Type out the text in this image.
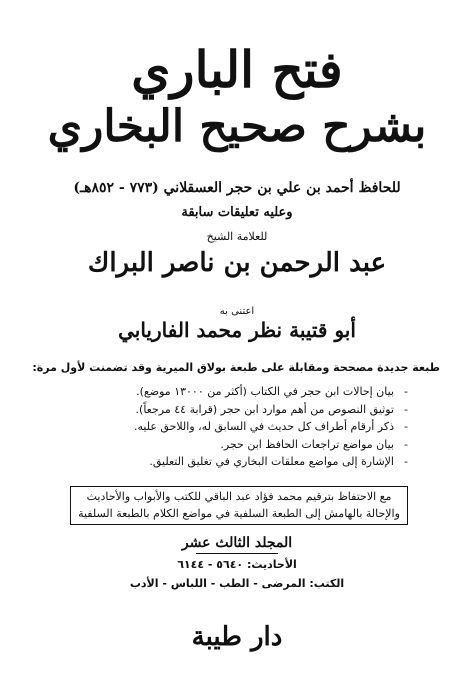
فتح الباري
بشرح صحيح البخاري
للحافظ أحمد بن علي بن حجر العسقلاني (٧٧٣ - ٨٥٢هـ)
وعليه تعليقات سابقة
للعلامة الشيخ
عبد الرحمن بن ناصر البراك
اعتنى به
أبو قتيبة نظر محمد الفاريابي
طبعة جديدة مصححة ومقابلة على طبعة بولاق الميرية وقد تضمنت لأول مرة:
- بيان إحالات ابن حجر في الكتاب (أكثر من ١٣٠٠٠ موضع).
- توثيق النصوص من أهم موارد ابن حجر (قرابة ٤٤ مرجعاً).
- ذكر أرقام أطراف كل حديث في السابق له، واللاحق عليه.
- بيان مواضع تراجعات الحافظ ابن حجر.
- الإشارة إلى مواضع معلقات البخاري في تغليق التعليق.
مع الاحتفاظ بترقيم محمد فؤاد عبد الباقي للكتب والأبواب والأحاديث
والإحالة بالهامش إلى الطبعة السلفية في مواضع الكلام بالطبعة السلفية
المجلد الثالث عشر
الأحاديث: ٥٦٤٠ - ٦١٤٤
الكتب: المرضى - الطب - اللباس - الأدب
دار طيبة
